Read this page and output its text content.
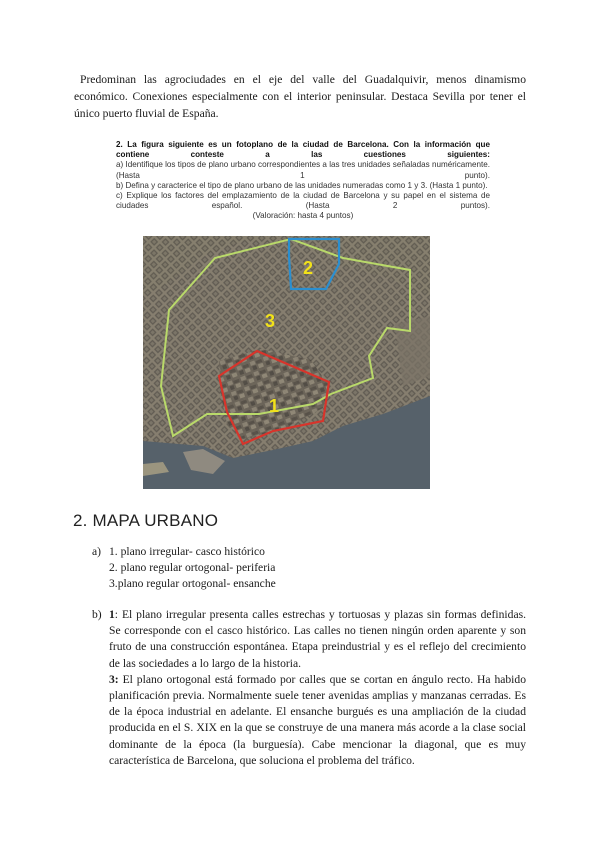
Predominan las agrociudades en el eje del valle del Guadalquivir, menos dinamismo económico. Conexiones especialmente con el interior peninsular. Destaca Sevilla por tener el único puerto fluvial de España.

2. La figura siguiente es un fotoplano de la ciudad de Barcelona. Con la información que contiene conteste a las cuestiones siguientes:
a) Identifique los tipos de plano urbano correspondientes a las tres unidades señaladas numéricamente. (Hasta 1 punto).
b) Defina y caracterice el tipo de plano urbano de las unidades numeradas como 1 y 3. (Hasta 1 punto).
c) Explique los factores del emplazamiento de la ciudad de Barcelona y su papel en el sistema de ciudades español. (Hasta 2 puntos).
(Valoración: hasta 4 puntos)
1
2
3
2. MAPA URBANO
a) 1. plano irregular- casco histórico
2. plano regular ortogonal- periferia
3.plano regular ortogonal- ensanche
b) 1: El plano irregular presenta calles estrechas y tortuosas y plazas sin formas definidas. Se corresponde con el casco histórico. Las calles no tienen ningún orden aparente y son fruto de una construcción espontánea. Etapa preindustrial y es el reflejo del crecimiento de las sociedades a lo largo de la historia.

3: El plano ortogonal está formado por calles que se cortan en ángulo recto. Ha habido planificación previa. Normalmente suele tener avenidas amplias y manzanas cerradas. Es de la época industrial en adelante. El ensanche burgués es una ampliación de la ciudad producida en el S. XIX en la que se construye de una manera más acorde a la clase social dominante de la época (la burguesía). Cabe mencionar la diagonal, que es muy característica de Barcelona, que soluciona el problema del tráfico.
